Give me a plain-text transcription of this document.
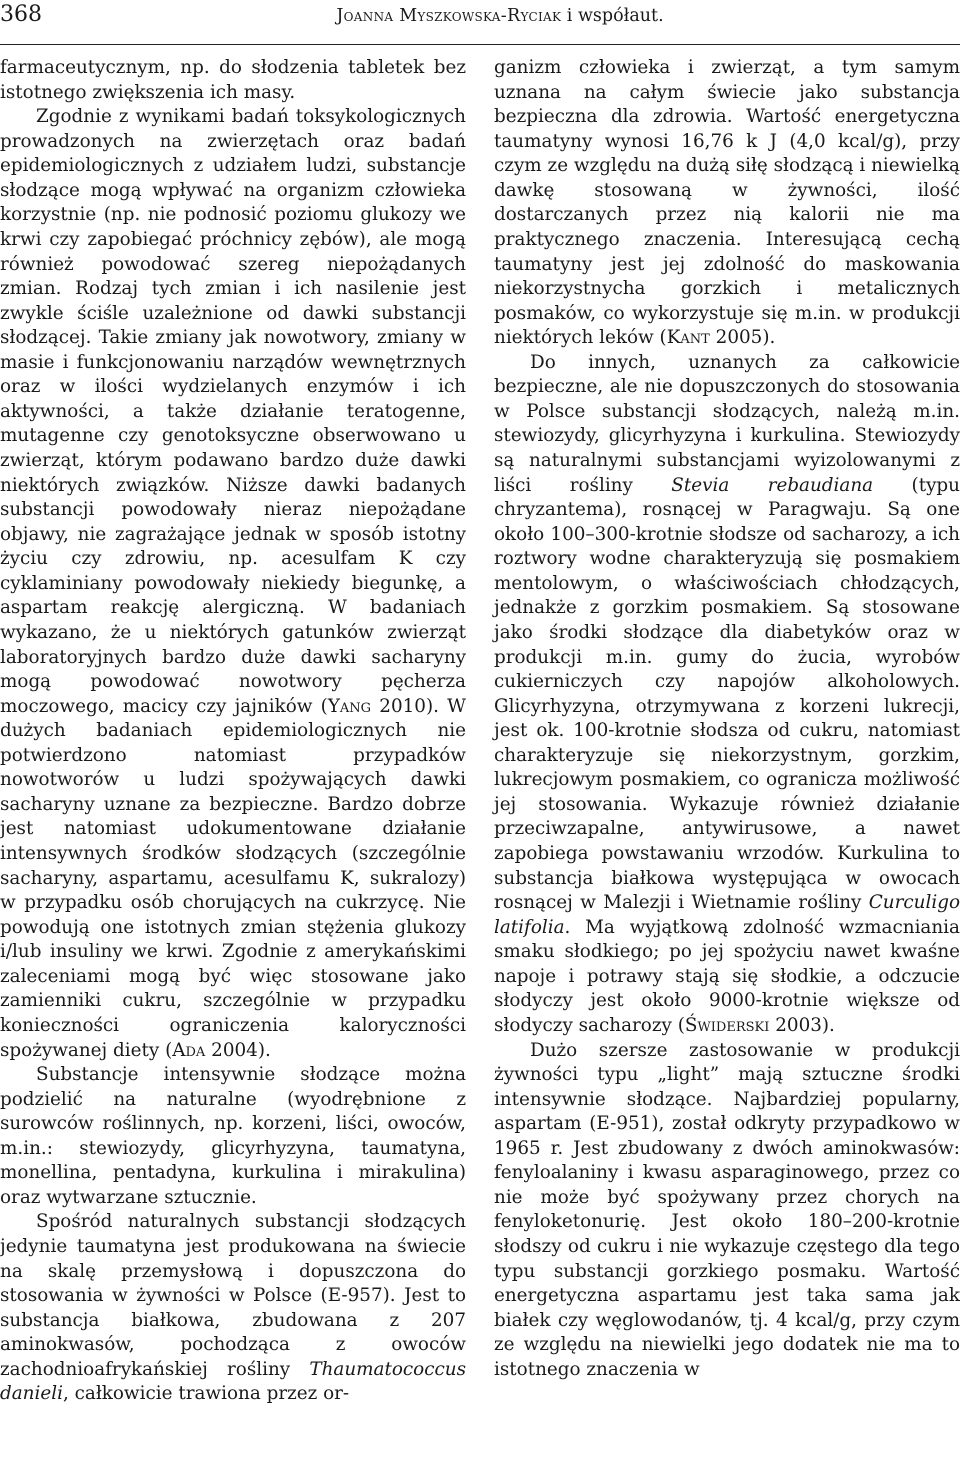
368	Joanna Myszkowska-Ryciak i współaut.

farmaceutycznym, np. do słodzenia tabletek bez istotnego zwiększenia ich masy.

Zgodnie z wynikami badań toksykologicznych prowadzonych na zwierzętach oraz badań epidemiologicznych z udziałem ludzi, substancje słodzące mogą wpływać na organizm człowieka korzystnie (np. nie podnosić poziomu glukozy we krwi czy zapobiegać próchnicy zębów), ale mogą również powodować szereg niepożądanych zmian. Rodzaj tych zmian i ich nasilenie jest zwykle ściśle uzależnione od dawki substancji słodzącej. Takie zmiany jak nowotwory, zmiany w masie i funkcjonowaniu narządów wewnętrznych oraz w ilości wydzielanych enzymów i ich aktywności, a także działanie teratogenne, mutagenne czy genotoksyczne obserwowano u zwierząt, którym podawano bardzo duże dawki niektórych związków. Niższe dawki badanych substancji powodowały nieraz niepożądane objawy, nie zagrażające jednak w sposób istotny życiu czy zdrowiu, np. acesulfam K czy cyklaminiany powodowały niekiedy biegunkę, a aspartam reakcję alergiczną. W badaniach wykazano, że u niektórych gatunków zwierząt laboratoryjnych bardzo duże dawki sacharyny mogą powodować nowotwory pęcherza moczowego, macicy czy jajników (Yang 2010). W dużych badaniach epidemiologicznych nie potwierdzono natomiast przypadków nowotworów u ludzi spożywających dawki sacharyny uznane za bezpieczne. Bardzo dobrze jest natomiast udokumentowane działanie intensywnych środków słodzących (szczególnie sacharyny, aspartamu, acesulfamu K, sukralozy) w przypadku osób chorujących na cukrzycę. Nie powodują one istotnych zmian stężenia glukozy i/lub insuliny we krwi. Zgodnie z amerykańskimi zaleceniami mogą być więc stosowane jako zamienniki cukru, szczególnie w przypadku konieczności ograniczenia kaloryczności spożywanej diety (Ada 2004).

Substancje intensywnie słodzące można podzielić na naturalne (wyodrębnione z surowców roślinnych, np. korzeni, liści, owoców, m.in.: stewiozydy, glicyrhyzyna, taumatyna, monellina, pentadyna, kurkulina i mirakulina) oraz wytwarzane sztucznie.

Spośród naturalnych substancji słodzących jedynie taumatyna jest produkowana na świecie na skalę przemysłową i dopuszczona do stosowania w żywności w Polsce (E-957). Jest to substancja białkowa, zbudowana z 207 aminokwasów, pochodząca z owoców zachodnioafrykańskiej rośliny Thaumatococcus danieli, całkowicie trawiona przez or-

ganizm człowieka i zwierząt, a tym samym uznana na całym świecie jako substancja bezpieczna dla zdrowia. Wartość energetyczna taumatyny wynosi 16,76 k J (4,0 kcal/g), przy czym ze względu na dużą siłę słodzącą i niewielką dawkę stosowaną w żywności, ilość dostarczanych przez nią kalorii nie ma praktycznego znaczenia. Interesującą cechą taumatyny jest jej zdolność do maskowania niekorzystnycha gorzkich i metalicznych posmaków, co wykorzystuje się m.in. w produkcji niektórych leków (Kant 2005).

Do innych, uznanych za całkowicie bezpieczne, ale nie dopuszczonych do stosowania w Polsce substancji słodzących, należą m.in. stewiozydy, glicyrhyzyna i kurkulina. Stewiozydy są naturalnymi substancjami wyizolowanymi z liści rośliny Stevia rebaudiana (typu chryzantema), rosnącej w Paragwaju. Są one około 100–300-krotnie słodsze od sacharozy, a ich roztwory wodne charakteryzują się posmakiem mentolowym, o właściwościach chłodzących, jednakże z gorzkim posmakiem. Są stosowane jako środki słodzące dla diabetyków oraz w produkcji m.in. gumy do żucia, wyrobów cukierniczych czy napojów alkoholowych. Glicyrhyzyna, otrzymywana z korzeni lukrecji, jest ok. 100-krotnie słodsza od cukru, natomiast charakteryzuje się niekorzystnym, gorzkim, lukrecjowym posmakiem, co ogranicza możliwość jej stosowania. Wykazuje również działanie przeciwzapalne, antywirusowe, a nawet zapobiega powstawaniu wrzodów. Kurkulina to substancja białkowa występująca w owocach rosnącej w Malezji i Wietnamie rośliny Curculigo latifolia. Ma wyjątkową zdolność wzmacniania smaku słodkiego; po jej spożyciu nawet kwaśne napoje i potrawy stają się słodkie, a odczucie słodyczy jest około 9000-krotnie większe od słodyczy sacharozy (Świderski 2003).

Dużo szersze zastosowanie w produkcji żywności typu „light” mają sztuczne środki intensywnie słodzące. Najbardziej popularny, aspartam (E-951), został odkryty przypadkowo w 1965 r. Jest zbudowany z dwóch aminokwasów: fenyloalaniny i kwasu asparaginowego, przez co nie może być spożywany przez chorych na fenyloketonurię. Jest około 180–200-krotnie słodszy od cukru i nie wykazuje częstego dla tego typu substancji gorzkiego posmaku. Wartość energetyczna aspartamu jest taka sama jak białek czy węglowodanów, tj. 4 kcal/g, przy czym ze względu na niewielki jego dodatek nie ma to istotnego znaczenia w
